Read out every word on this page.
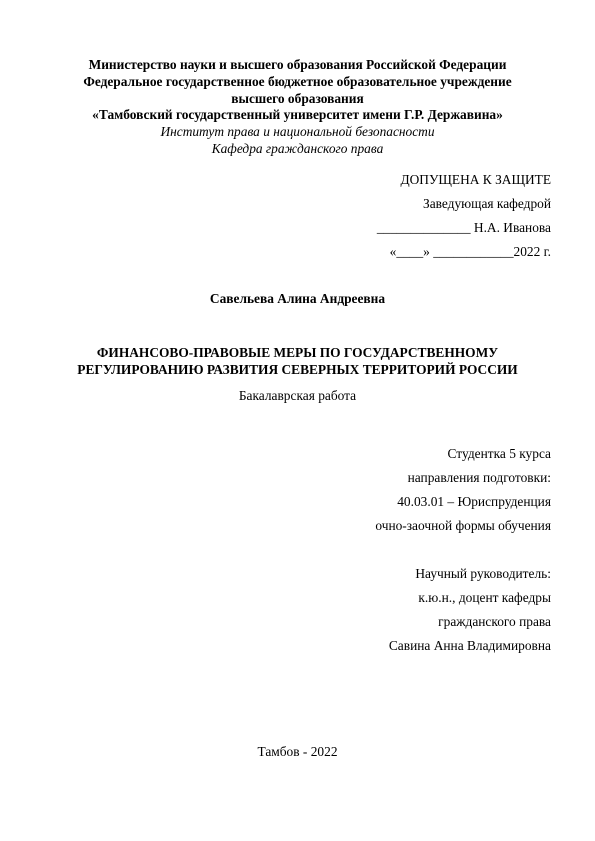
Министерство науки и высшего образования Российской Федерации
Федеральное государственное бюджетное образовательное учреждение
высшего образования
«Тамбовский государственный университет имени Г.Р. Державина»
Институт права и национальной безопасности
Кафедра гражданского права
ДОПУЩЕНА К ЗАЩИТЕ
Заведующая кафедрой
______________ Н.А. Иванова
«____» ____________2022 г.
Савельева Алина Андреевна
ФИНАНСОВО-ПРАВОВЫЕ МЕРЫ ПО ГОСУДАРСТВЕННОМУ
РЕГУЛИРОВАНИЮ РАЗВИТИЯ СЕВЕРНЫХ ТЕРРИТОРИЙ РОССИИ
Бакалаврская работа
Студентка 5 курса
направления подготовки:
40.03.01 – Юриспруденция
очно-заочной формы обучения
Научный руководитель:
к.ю.н., доцент кафедры
гражданского права
Савина Анна Владимировна
Тамбов - 2022
